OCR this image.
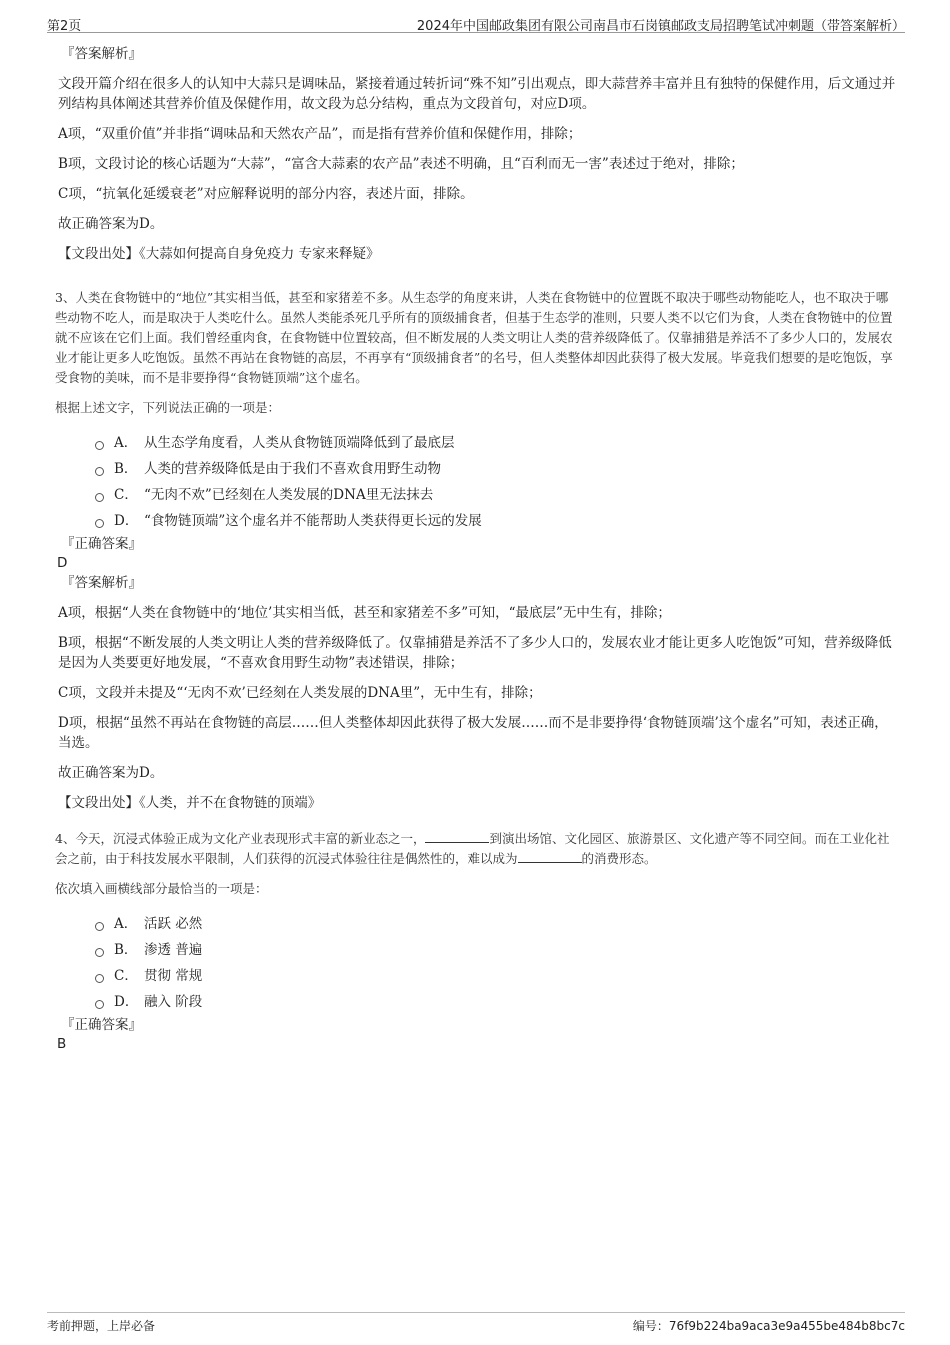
第2页	2024年中国邮政集团有限公司南昌市石岗镇邮政支局招聘笔试冲刺题（带答案解析）

『答案解析』

文段开篇介绍在很多人的认知中大蒜只是调味品，紧接着通过转折词“殊不知”引出观点，即大蒜营养丰富并且有独特的保健作用，后文通过并列结构具体阐述其营养价值及保健作用，故文段为总分结构，重点为文段首句，对应D项。

A项，“双重价值”并非指“调味品和天然农产品”，而是指有营养价值和保健作用，排除；

B项，文段讨论的核心话题为“大蒜”，“富含大蒜素的农产品”表述不明确，且“百利而无一害”表述过于绝对，排除；

C项，“抗氧化延缓衰老”对应解释说明的部分内容，表述片面，排除。

故正确答案为D。

【文段出处】《大蒜如何提高自身免疫力 专家来释疑》

3、人类在食物链中的“地位”其实相当低，甚至和家猪差不多。从生态学的角度来讲，人类在食物链中的位置既不取决于哪些动物能吃人，也不取决于哪些动物不吃人，而是取决于人类吃什么。虽然人类能杀死几乎所有的顶级捕食者，但基于生态学的准则，只要人类不以它们为食，人类在食物链中的位置就不应该在它们上面。我们曾经重肉食，在食物链中位置较高，但不断发展的人类文明让人类的营养级降低了。仅靠捕猎是养活不了多少人口的，发展农业才能让更多人吃饱饭。虽然不再站在食物链的高层，不再享有“顶级捕食者”的名号，但人类整体却因此获得了极大发展。毕竟我们想要的是吃饱饭，享受食物的美味，而不是非要挣得“食物链顶端”这个虚名。

根据上述文字，下列说法正确的一项是：

A． 从生态学角度看，人类从食物链顶端降低到了最底层
B． 人类的营养级降低是由于我们不喜欢食用野生动物
C． “无肉不欢”已经刻在人类发展的DNA里无法抹去
D． “食物链顶端”这个虚名并不能帮助人类获得更长远的发展

『正确答案』

D

『答案解析』

A项，根据“人类在食物链中的‘地位’其实相当低，甚至和家猪差不多”可知，“最底层”无中生有，排除；

B项，根据“不断发展的人类文明让人类的营养级降低了。仅靠捕猎是养活不了多少人口的，发展农业才能让更多人吃饱饭”可知，营养级降低是因为人类要更好地发展，“不喜欢食用野生动物”表述错误，排除；

C项，文段并未提及“‘无肉不欢’已经刻在人类发展的DNA里”，无中生有，排除；

D项，根据“虽然不再站在食物链的高层……但人类整体却因此获得了极大发展……而不是非要挣得‘食物链顶端’这个虚名”可知，表述正确，当选。

故正确答案为D。

【文段出处】《人类，并不在食物链的顶端》

4、今天，沉浸式体验正成为文化产业表现形式丰富的新业态之一，	到演出场馆、文化园区、旅游景区、文化遗产等不同空间。而在工业化社会之前，由于科技发展水平限制，人们获得的沉浸式体验往往是偶然性的，难以成为	的消费形态。

依次填入画横线部分最恰当的一项是：

A． 活跃 必然
B． 渗透 普遍
C． 贯彻 常规
D． 融入 阶段

『正确答案』

B

考前押题，上岸必备	编号：76f9b224ba9aca3e9a455be484b8bc7c
